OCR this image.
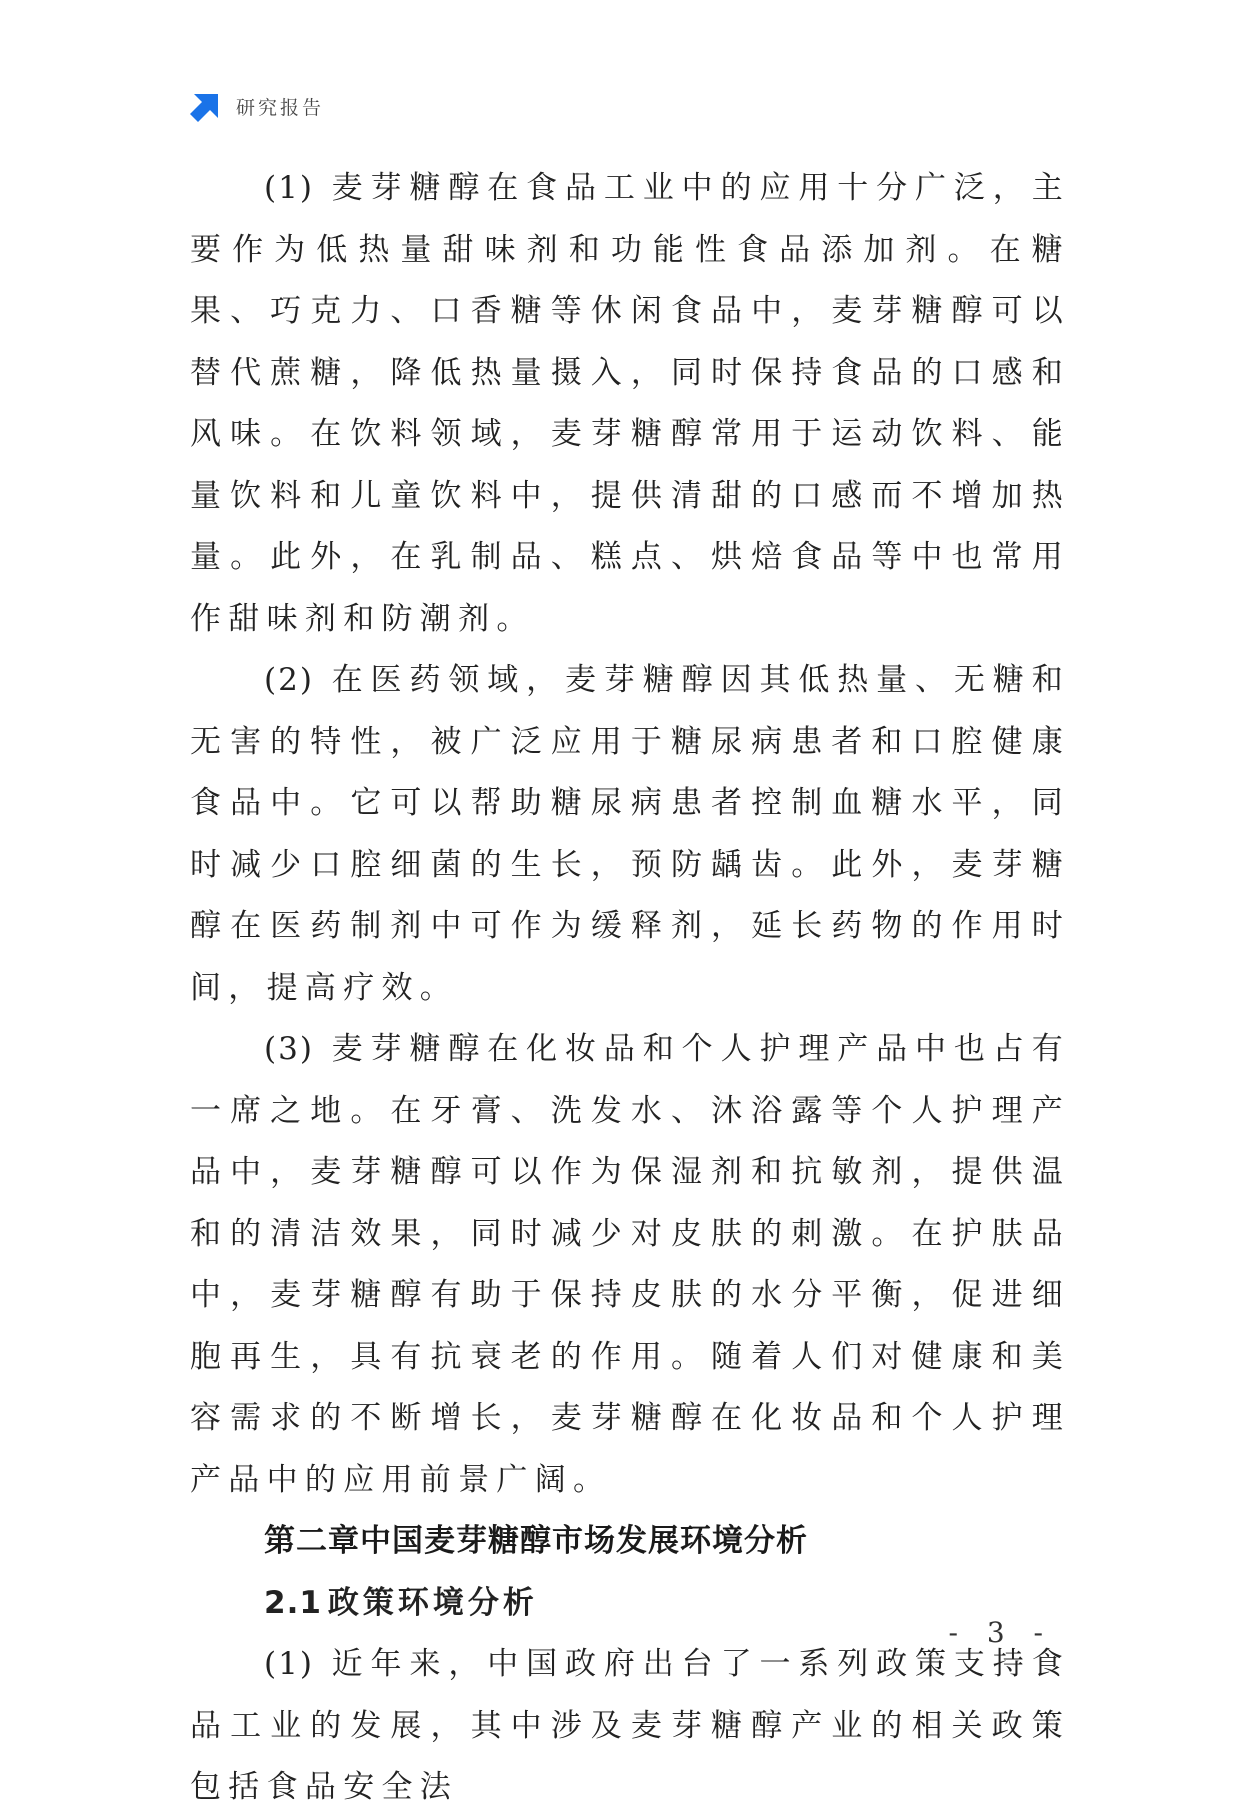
研究报告

(1) 麦芽糖醇在食品工业中的应用十分广泛，主要作为低热量甜味剂和功能性食品添加剂。在糖果、巧克力、口香糖等休闲食品中，麦芽糖醇可以替代蔗糖，降低热量摄入，同时保持食品的口感和风味。在饮料领域，麦芽糖醇常用于运动饮料、能量饮料和儿童饮料中，提供清甜的口感而不增加热量。此外，在乳制品、糕点、烘焙食品等中也常用作甜味剂和防潮剂。

(2) 在医药领域，麦芽糖醇因其低热量、无糖和无害的特性，被广泛应用于糖尿病患者和口腔健康食品中。它可以帮助糖尿病患者控制血糖水平，同时减少口腔细菌的生长，预防龋齿。此外，麦芽糖醇在医药制剂中可作为缓释剂，延长药物的作用时间，提高疗效。

(3) 麦芽糖醇在化妆品和个人护理产品中也占有一席之地。在牙膏、洗发水、沐浴露等个人护理产品中，麦芽糖醇可以作为保湿剂和抗敏剂，提供温和的清洁效果，同时减少对皮肤的刺激。在护肤品中，麦芽糖醇有助于保持皮肤的水分平衡，促进细胞再生，具有抗衰老的作用。随着人们对健康和美容需求的不断增长，麦芽糖醇在化妆品和个人护理产品中的应用前景广阔。

第二章中国麦芽糖醇市场发展环境分析
2.1 政策环境分析

(1) 近年来，中国政府出台了一系列政策支持食品工业的发展，其中涉及麦芽糖醇产业的相关政策包括食品安全法

- 3 -
